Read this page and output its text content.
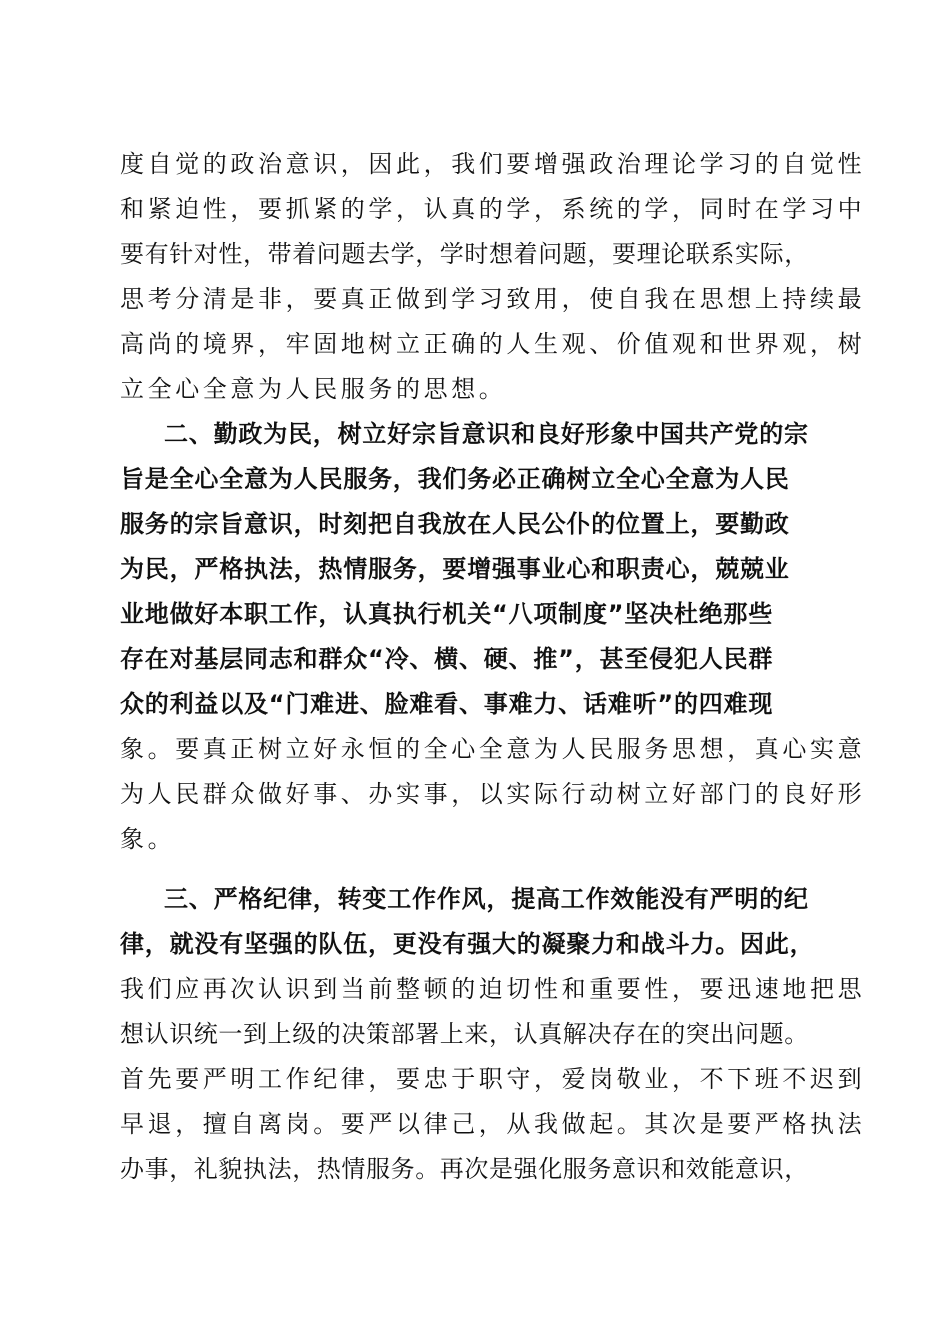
度自觉的政治意识，因此，我们要增强政治理论学习的自觉性
和紧迫性，要抓紧的学，认真的学，系统的学，同时在学习中
要有针对性，带着问题去学，学时想着问题，要理论联系实际，
思考分清是非，要真正做到学习致用，使自我在思想上持续最
高尚的境界，牢固地树立正确的人生观、价值观和世界观，树
立全心全意为人民服务的思想。
二、勤政为民，树立好宗旨意识和良好形象中国共产党的宗
旨是全心全意为人民服务，我们务必正确树立全心全意为人民
服务的宗旨意识，时刻把自我放在人民公仆的位置上，要勤政
为民，严格执法，热情服务，要增强事业心和职责心，兢兢业
业地做好本职工作，认真执行机关“八项制度”坚决杜绝那些
存在对基层同志和群众“冷、横、硬、推”，甚至侵犯人民群
众的利益以及“门难进、脸难看、事难力、话难听”的四难现
象。要真正树立好永恒的全心全意为人民服务思想，真心实意
为人民群众做好事、办实事，以实际行动树立好部门的良好形
象。
三、严格纪律，转变工作作风，提高工作效能没有严明的纪
律，就没有坚强的队伍，更没有强大的凝聚力和战斗力。因此，
我们应再次认识到当前整顿的迫切性和重要性，要迅速地把思
想认识统一到上级的决策部署上来，认真解决存在的突出问题。
首先要严明工作纪律，要忠于职守，爱岗敬业，不下班不迟到
早退，擅自离岗。要严以律己，从我做起。其次是要严格执法
办事，礼貌执法，热情服务。再次是强化服务意识和效能意识，
